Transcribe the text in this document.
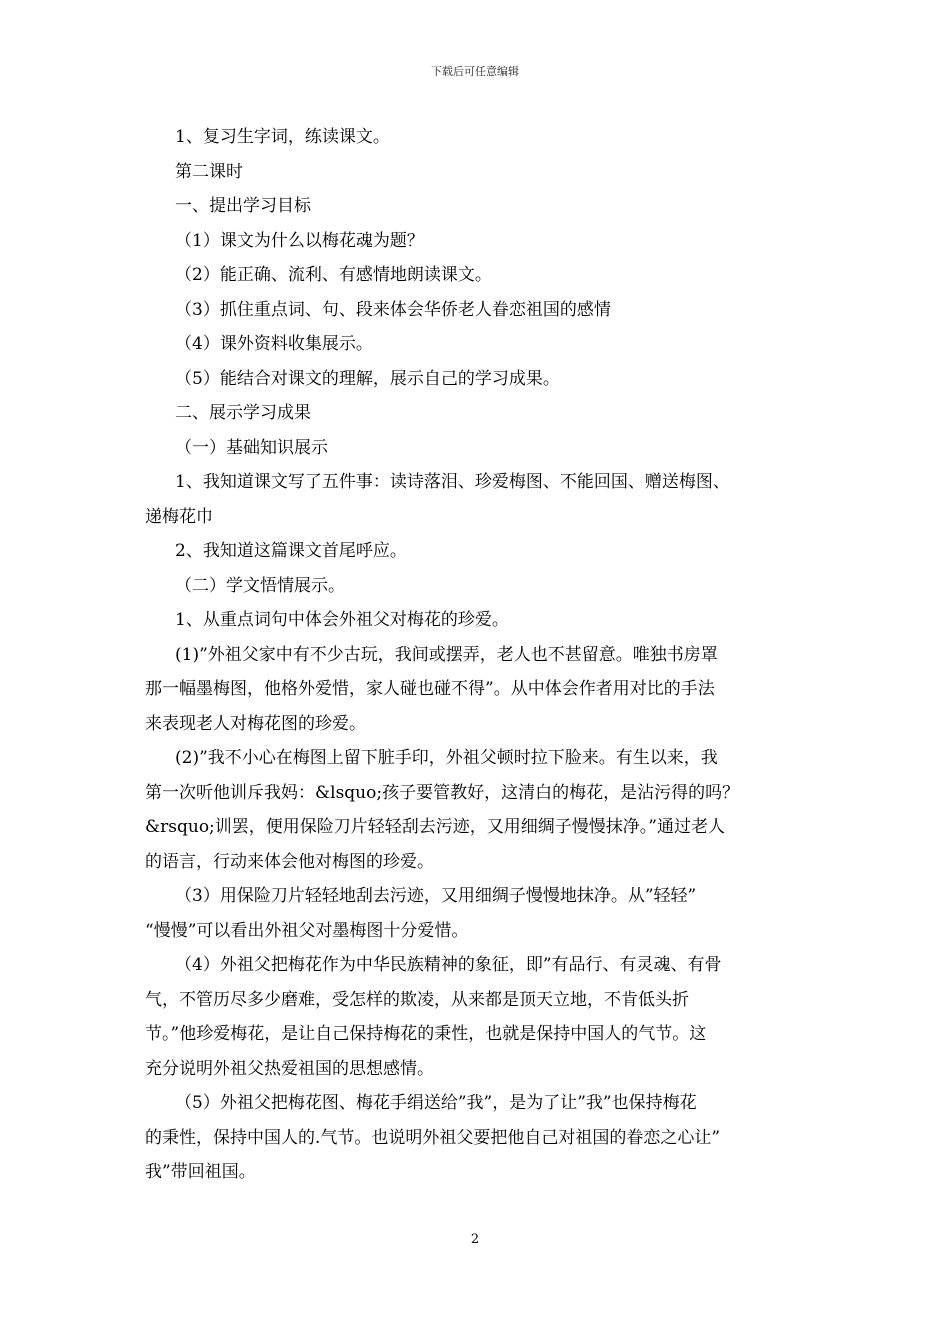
下载后可任意编辑
1、复习生字词，练读课文。
第二课时
一、提出学习目标
（1）课文为什么以梅花魂为题？
（2）能正确、流利、有感情地朗读课文。
（3）抓住重点词、句、段来体会华侨老人眷恋祖国的感情
（4）课外资料收集展示。
（5）能结合对课文的理解，展示自己的学习成果。
二、展示学习成果
（一）基础知识展示
1、我知道课文写了五件事：读诗落泪、珍爱梅图、不能回国、赠送梅图、
递梅花巾
2、我知道这篇课文首尾呼应。
（二）学文悟情展示。
1、从重点词句中体会外祖父对梅花的珍爱。
(1)”外祖父家中有不少古玩，我间或摆弄，老人也不甚留意。唯独书房罩
那一幅墨梅图，他格外爱惜，家人碰也碰不得”。从中体会作者用对比的手法
来表现老人对梅花图的珍爱。
(2)”我不小心在梅图上留下脏手印，外祖父顿时拉下脸来。有生以来，我
第一次听他训斥我妈：&lsquo;孩子要管教好，这清白的梅花，是沾污得的吗？
&rsquo;训罢，便用保险刀片轻轻刮去污迹，又用细绸子慢慢抹净。”通过老人
的语言，行动来体会他对梅图的珍爱。
（3）用保险刀片轻轻地刮去污迹，又用细绸子慢慢地抹净。从”轻轻”
“慢慢”可以看出外祖父对墨梅图十分爱惜。
（4）外祖父把梅花作为中华民族精神的象征，即”有品行、有灵魂、有骨
气，不管历尽多少磨难，受怎样的欺凌，从来都是顶天立地，不肯低头折
节。”他珍爱梅花，是让自己保持梅花的秉性，也就是保持中国人的气节。这
充分说明外祖父热爱祖国的思想感情。
（5）外祖父把梅花图、梅花手绢送给”我”，是为了让”我”也保持梅花
的秉性，保持中国人的.气节。也说明外祖父要把他自己对祖国的眷恋之心让”
我”带回祖国。
2
